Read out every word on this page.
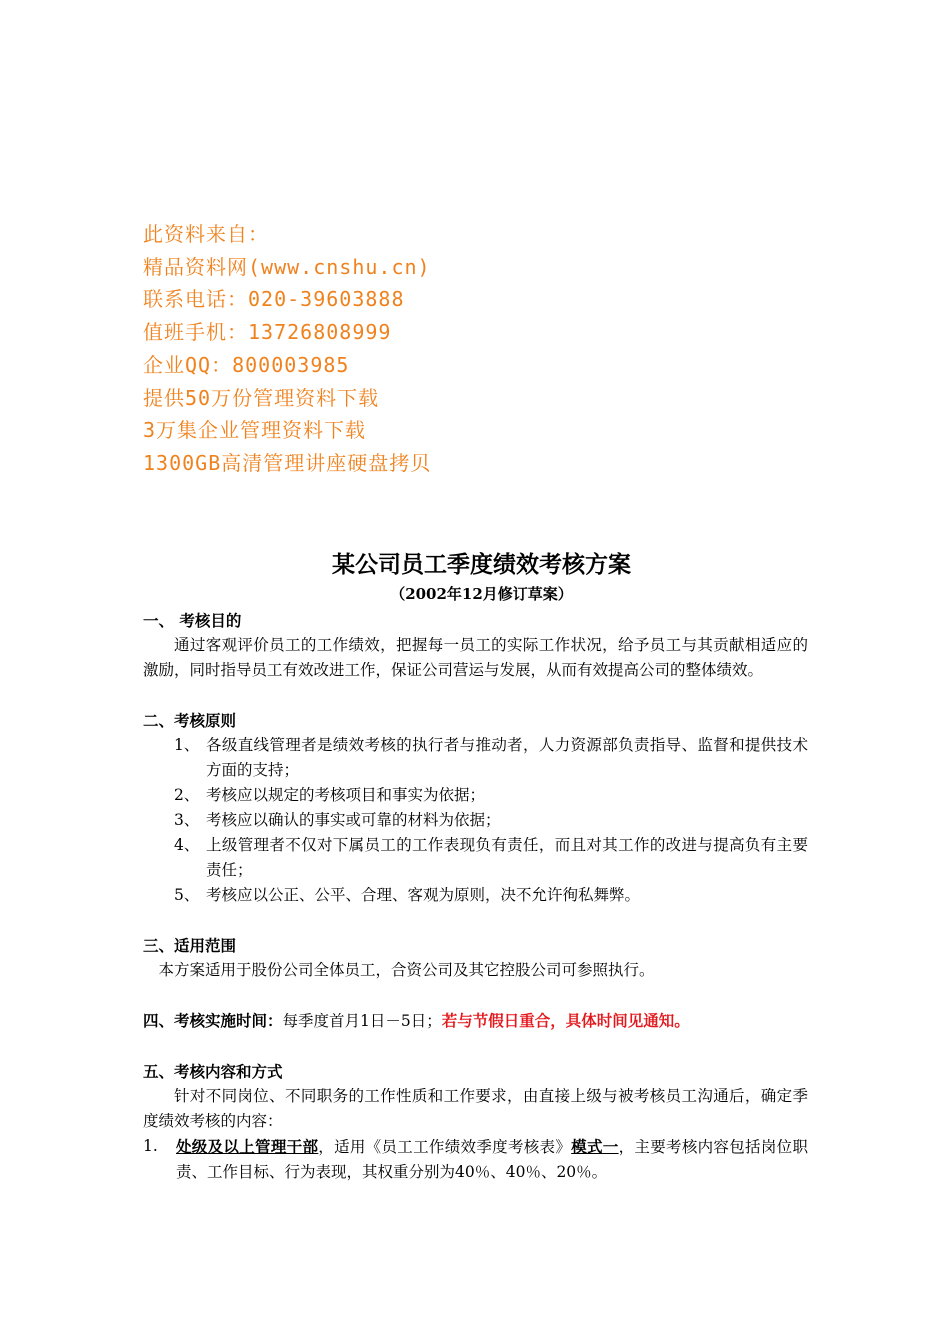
此资料来自：
精品资料网(www.cnshu.cn)
联系电话：020-39603888
值班手机：13726808999
企业QQ：800003985
提供50万份管理资料下载
3万集企业管理资料下载
1300GB高清管理讲座硬盘拷贝
某公司员工季度绩效考核方案
（2002年12月修订草案）
一、 考核目的
通过客观评价员工的工作绩效，把握每一员工的实际工作状况，给予员工与其贡献相适应的激励，同时指导员工有效改进工作，保证公司营运与发展，从而有效提高公司的整体绩效。
二、考核原则
1、 各级直线管理者是绩效考核的执行者与推动者，人力资源部负责指导、监督和提供技术方面的支持；
2、 考核应以规定的考核项目和事实为依据；
3、 考核应以确认的事实或可靠的材料为依据；
4、 上级管理者不仅对下属员工的工作表现负有责任，而且对其工作的改进与提高负有主要责任；
5、 考核应以公正、公平、合理、客观为原则，决不允许徇私舞弊。
三、适用范围
本方案适用于股份公司全体员工，合资公司及其它控股公司可参照执行。
四、考核实施时间：每季度首月1日－5日；若与节假日重合，具体时间见通知。
五、考核内容和方式
针对不同岗位、不同职务的工作性质和工作要求，由直接上级与被考核员工沟通后，确定季度绩效考核的内容：
1.	处级及以上管理干部，适用《员工工作绩效季度考核表》模式一，主要考核内容包括岗位职责、工作目标、行为表现，其权重分别为40％、40％、20％。
